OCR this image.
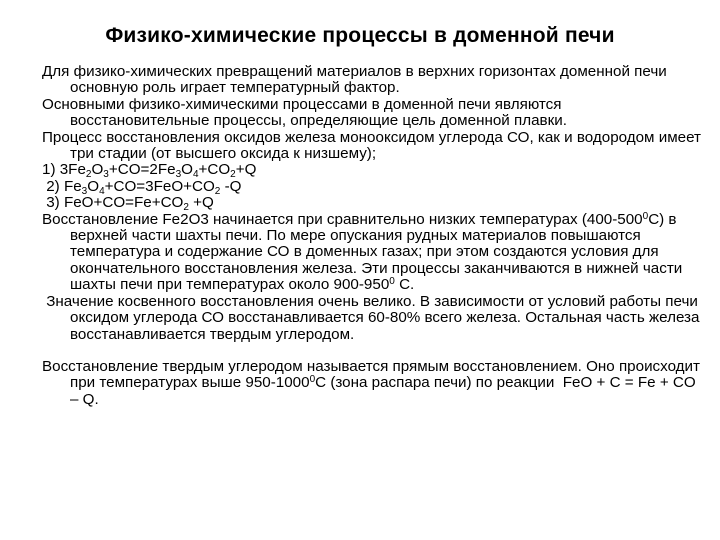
Физико-химические процессы в доменной печи

Для физико-химических превращений материалов в верхних горизонтах доменной печи основную роль играет температурный фактор.

Основными физико-химическими процессами в доменной печи являются восстановительные процессы, определяющие цель доменной плавки.

Процесс восстановления оксидов железа монооксидом углерода СО, как и водородом имеет три стадии (от высшего оксида к низшему);

1) $3Fe_2O_3+CO=2Fe_3O_4+CO_2+Q$

2) $Fe_3O_4+CO=3FeO+CO_2$ -Q

3) $FeO+CO=Fe+CO_2 +Q$

Восстановление Fe2O3 начинается при сравнительно низких температурах $(400-500^0С)$ в верхней части шахты печи. По мере опускания рудных материалов повышаются температура и содержание СО в доменных газах; при этом создаются условия для окончательного восстановления железа. Эти процессы заканчиваются в нижней части шахты печи при температурах около $900-950^0$ С.

Значение косвенного восстановления очень велико. В зависимости от условий работы печи оксидом углерода СО восстанавливается 60-80% всего железа. Остальная часть железа восстанавливается твердым углеродом.

Восстановление твердым углеродом называется прямым восстановлением. Оно происходит при температурах выше 950-1000$^0$С (зона распара печи) по реакции  FeO + C = Fe + CO – Q.
